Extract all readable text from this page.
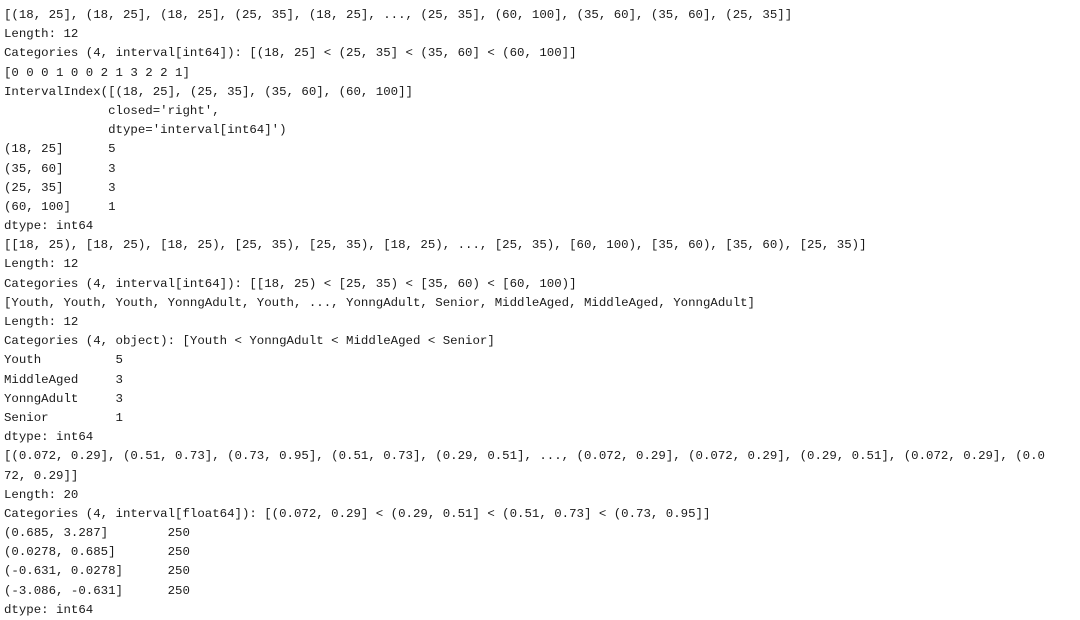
[(18, 25], (18, 25], (18, 25], (25, 35], (18, 25], ..., (25, 35], (60, 100], (35, 60], (35, 60], (25, 35]]
Length: 12
Categories (4, interval[int64]): [(18, 25] < (25, 35] < (35, 60] < (60, 100]]
[0 0 0 1 0 0 2 1 3 2 2 1]
IntervalIndex([(18, 25], (25, 35], (35, 60], (60, 100]]
closed='right',
dtype='interval[int64]')
(18, 25]      5
(35, 60]      3
(25, 35]      3
(60, 100]     1
dtype: int64
[[18, 25), [18, 25), [18, 25), [25, 35), [25, 35), [18, 25), ..., [25, 35), [60, 100), [35, 60), [35, 60), [25, 35)]
Length: 12
Categories (4, interval[int64]): [[18, 25) < [25, 35) < [35, 60) < [60, 100)]
[Youth, Youth, Youth, YonngAdult, Youth, ..., YonngAdult, Senior, MiddleAged, MiddleAged, YonngAdult]
Length: 12
Categories (4, object): [Youth < YonngAdult < MiddleAged < Senior]
Youth          5
MiddleAged     3
YonngAdult     3
Senior         1
dtype: int64
[(0.072, 0.29], (0.51, 0.73], (0.73, 0.95], (0.51, 0.73], (0.29, 0.51], ..., (0.072, 0.29], (0.072, 0.29], (0.29, 0.51], (0.072, 0.29], (0.0
72, 0.29]]
Length: 20
Categories (4, interval[float64]): [(0.072, 0.29] < (0.29, 0.51] < (0.51, 0.73] < (0.73, 0.95]]
(0.685, 3.287]        250
(0.0278, 0.685]       250
(-0.631, 0.0278]      250
(-3.086, -0.631]      250
dtype: int64
